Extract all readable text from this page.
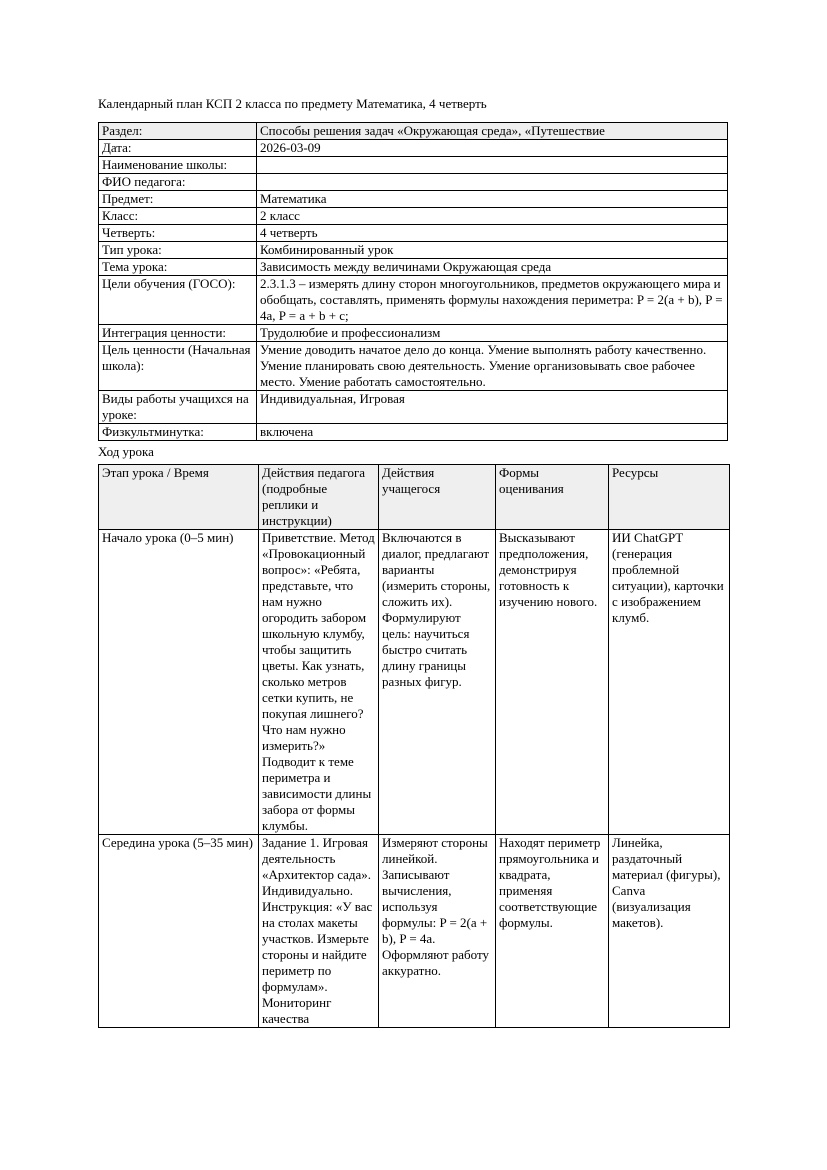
Календарный план КСП 2 класса по предмету Математика, 4 четверть

Раздел:	Способы решения задач «Окружающая среда», «Путешествие
Дата:	2026-03-09
Наименование школы:	
ФИО педагога:	
Предмет:	Математика
Класс:	2 класс
Четверть:	4 четверть
Тип урока:	Комбинированный урок
Тема урока:	Зависимость между величинами Окружающая среда
Цели обучения (ГОСО):	2.3.1.3 – измерять длину сторон многоугольников, предметов окружающего мира и обобщать, составлять, применять формулы нахождения периметра: P = 2(a + b), P = 4a, P = a + b + c;
Интеграция ценности:	Трудолюбие и профессионализм
Цель ценности (Начальная школа):	Умение доводить начатое дело до конца. Умение выполнять работу качественно. Умение планировать свою деятельность. Умение организовывать свое рабочее место. Умение работать самостоятельно.
Виды работы учащихся на уроке:	Индивидуальная, Игровая
Физкультминутка:	включена

Ход урока

Этап урока / Время	Действия педагога (подробные реплики и инструкции)	Действия учащегося	Формы оценивания	Ресурсы
Начало урока (0–5 мин)	Приветствие. Метод «Провокационный вопрос»: «Ребята, представьте, что нам нужно огородить забором школьную клумбу, чтобы защитить цветы. Как узнать, сколько метров сетки купить, не покупая лишнего? Что нам нужно измерить?» Подводит к теме периметра и зависимости длины забора от формы клумбы.	Включаются в диалог, предлагают варианты (измерить стороны, сложить их). Формулируют цель: научиться быстро считать длину границы разных фигур.	Высказывают предположения, демонстрируя готовность к изучению нового.	ИИ ChatGPT (генерация проблемной ситуации), карточки с изображением клумб.
Середина урока (5–35 мин)	Задание 1. Игровая деятельность «Архитектор сада». Индивидуально. Инструкция: «У вас на столах макеты участков. Измерьте стороны и найдите периметр по формулам». Мониторинг качества	Измеряют стороны линейкой. Записывают вычисления, используя формулы: P = 2(a + b), P = 4a. Оформляют работу аккуратно.	Находят периметр прямоугольника и квадрата, применяя соответствующие формулы.	Линейка, раздаточный материал (фигуры), Canva (визуализация макетов).
